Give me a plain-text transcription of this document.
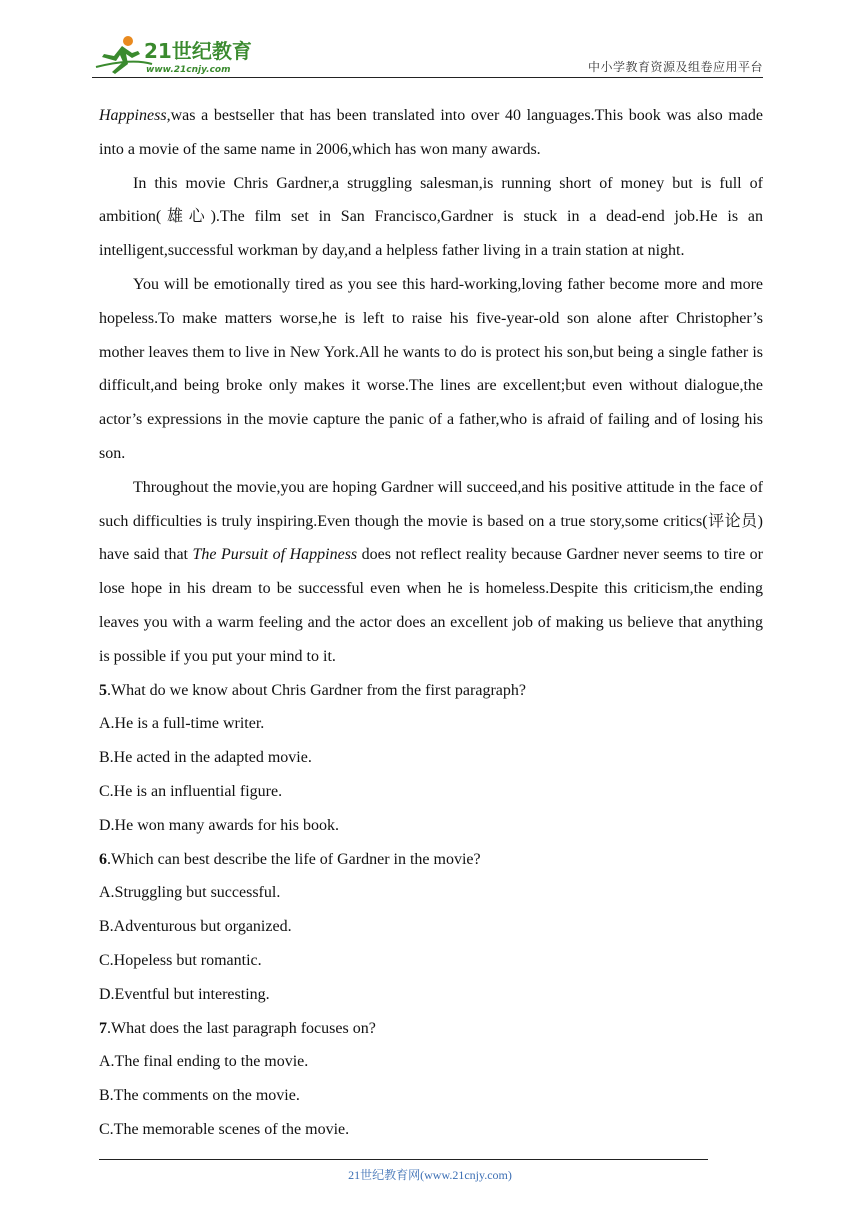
21世纪教育
www.21cnjy.com	中小学教育资源及组卷应用平台

Happiness,was a bestseller that has been translated into over 40 languages.This book was also made into a movie of the same name in 2006,which has won many awards.

In this movie Chris Gardner,a struggling salesman,is running short of money but is full of ambition(雄心).The film set in San Francisco,Gardner is stuck in a dead-end job.He is an intelligent,successful workman by day,and a helpless father living in a train station at night.

You will be emotionally tired as you see this hard-working,loving father become more and more hopeless.To make matters worse,he is left to raise his five-year-old son alone after Christopher’s mother leaves them to live in New York.All he wants to do is protect his son,but being a single father is difficult,and being broke only makes it worse.The lines are excellent;but even without dialogue,the actor’s expressions in the movie capture the panic of a father,who is afraid of failing and of losing his son.

Throughout the movie,you are hoping Gardner will succeed,and his positive attitude in the face of such difficulties is truly inspiring.Even though the movie is based on a true story,some critics(评论员) have said that The Pursuit of Happiness does not reflect reality because Gardner never seems to tire or lose hope in his dream to be successful even when he is homeless.Despite this criticism,the ending leaves you with a warm feeling and the actor does an excellent job of making us believe that anything is possible if you put your mind to it.

5.What do we know about Chris Gardner from the first paragraph?

A.He is a full-time writer.

B.He acted in the adapted movie.

C.He is an influential figure.

D.He won many awards for his book.

6.Which can best describe the life of Gardner in the movie?

A.Struggling but successful.

B.Adventurous but organized.

C.Hopeless but romantic.

D.Eventful but interesting.

7.What does the last paragraph focuses on?

A.The final ending to the movie.

B.The comments on the movie.

C.The memorable scenes of the movie.

21世纪教育网(www.21cnjy.com)
